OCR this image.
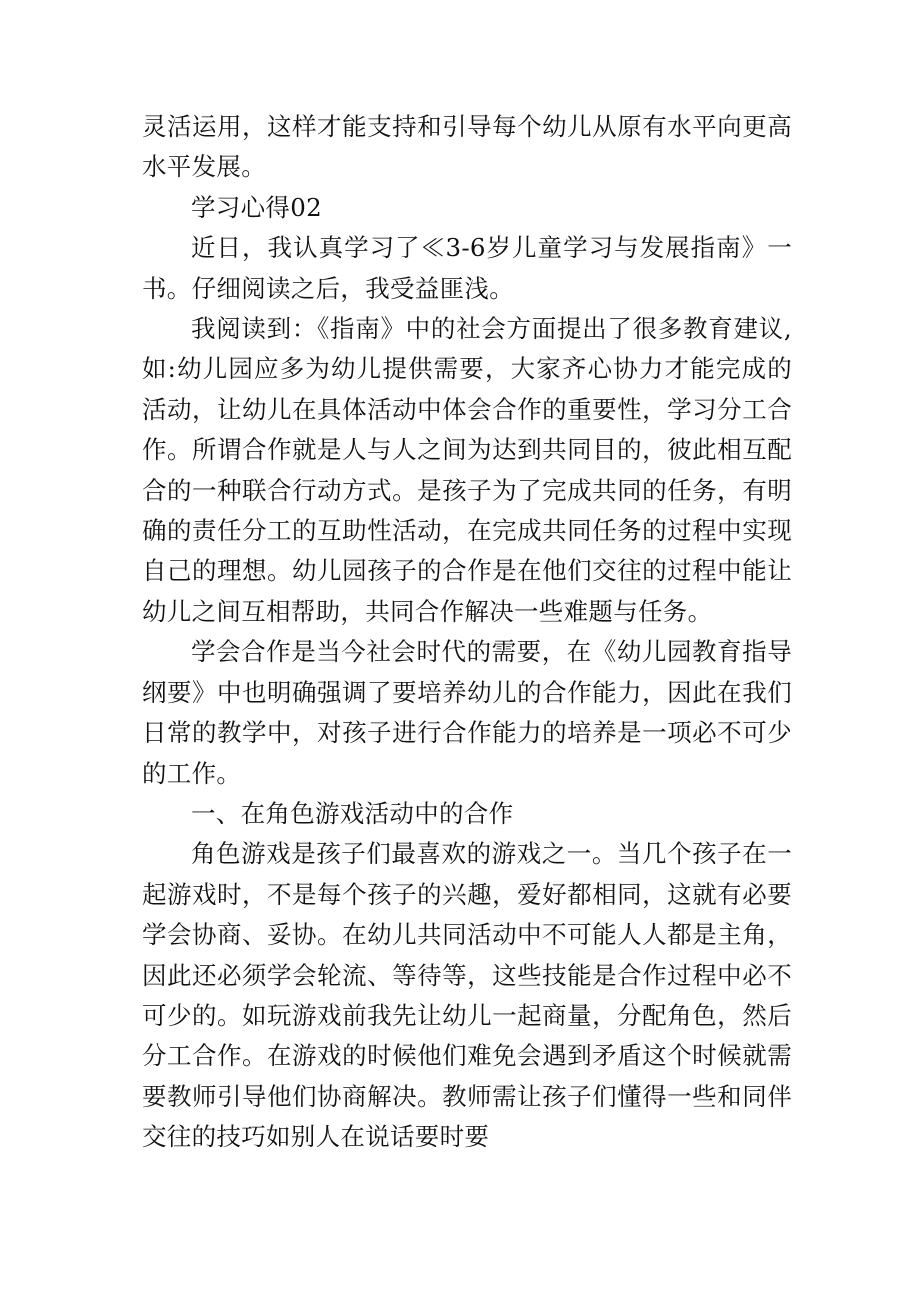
灵活运用，这样才能支持和引导每个幼儿从原有水平向更高水平发展。

学习心得02

近日，我认真学习了≪3-6岁儿童学习与发展指南》一书。仔细阅读之后，我受益匪浅。

我阅读到：《指南》中的社会方面提出了很多教育建议,如:幼儿园应多为幼儿提供需要，大家齐心协力才能完成的活动，让幼儿在具体活动中体会合作的重要性，学习分工合作。所谓合作就是人与人之间为达到共同目的，彼此相互配合的一种联合行动方式。是孩子为了完成共同的任务，有明确的责任分工的互助性活动，在完成共同任务的过程中实现自己的理想。幼儿园孩子的合作是在他们交往的过程中能让幼儿之间互相帮助，共同合作解决一些难题与任务。

学会合作是当今社会时代的需要，在《幼儿园教育指导纲要》中也明确强调了要培养幼儿的合作能力，因此在我们日常的教学中，对孩子进行合作能力的培养是一项必不可少的工作。

一、在角色游戏活动中的合作

角色游戏是孩子们最喜欢的游戏之一。当几个孩子在一起游戏时，不是每个孩子的兴趣，爱好都相同，这就有必要学会协商、妥协。在幼儿共同活动中不可能人人都是主角，因此还必须学会轮流、等待等，这些技能是合作过程中必不可少的。如玩游戏前我先让幼儿一起商量，分配角色，然后分工合作。在游戏的时候他们难免会遇到矛盾这个时候就需要教师引导他们协商解决。教师需让孩子们懂得一些和同伴交往的技巧如别人在说话要时要
